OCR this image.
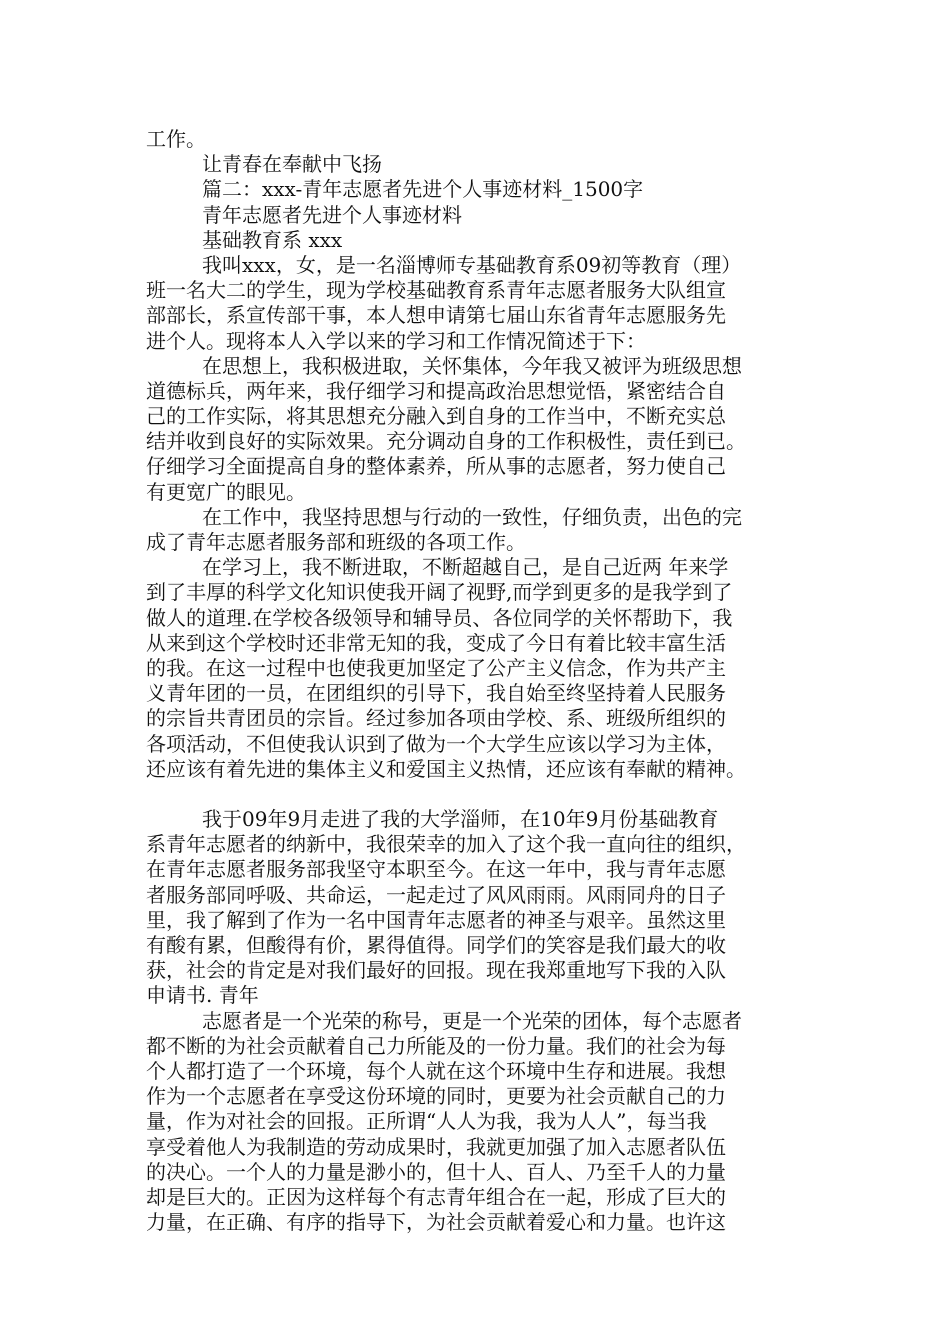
工作。
让青春在奉献中飞扬
篇二：xxx-青年志愿者先进个人事迹材料_1500字
青年志愿者先进个人事迹材料
基础教育系 xxx
我叫xxx，女，是一名淄博师专基础教育系09初等教育（理）
班一名大二的学生，现为学校基础教育系青年志愿者服务大队组宣
部部长，系宣传部干事，本人想申请第七届山东省青年志愿服务先
进个人。现将本人入学以来的学习和工作情况简述于下：
在思想上，我积极进取，关怀集体，今年我又被评为班级思想
道德标兵，两年来，我仔细学习和提高政治思想觉悟，紧密结合自
己的工作实际，将其思想充分融入到自身的工作当中，不断充实总
结并收到良好的实际效果。充分调动自身的工作积极性，责任到已。
仔细学习全面提高自身的整体素养，所从事的志愿者，努力使自己
有更宽广的眼见。
在工作中，我坚持思想与行动的一致性，仔细负责，出色的完
成了青年志愿者服务部和班级的各项工作。
在学习上，我不断进取，不断超越自己，是自己近两 年来学
到了丰厚的科学文化知识使我开阔了视野,而学到更多的是我学到了
做人的道理.在学校各级领导和辅导员、各位同学的关怀帮助下，我
从来到这个学校时还非常无知的我，变成了今日有着比较丰富生活
的我。在这一过程中也使我更加坚定了公产主义信念，作为共产主
义青年团的一员，在团组织的引导下，我自始至终坚持着人民服务
的宗旨共青团员的宗旨。经过参加各项由学校、系、班级所组织的
各项活动，不但使我认识到了做为一个大学生应该以学习为主体，
还应该有着先进的集体主义和爱国主义热情，还应该有奉献的精神。
我于09年9月走进了我的大学淄师，在10年9月份基础教育
系青年志愿者的纳新中，我很荣幸的加入了这个我一直向往的组织，
在青年志愿者服务部我坚守本职至今。在这一年中，我与青年志愿
者服务部同呼吸、共命运，一起走过了风风雨雨。风雨同舟的日子
里，我了解到了作为一名中国青年志愿者的神圣与艰辛。虽然这里
有酸有累，但酸得有价，累得值得。同学们的笑容是我们最大的收
获，社会的肯定是对我们最好的回报。现在我郑重地写下我的入队
申请书. 青年
志愿者是一个光荣的称号，更是一个光荣的团体，每个志愿者
都不断的为社会贡献着自己力所能及的一份力量。我们的社会为每
个人都打造了一个环境，每个人就在这个环境中生存和进展。我想
作为一个志愿者在享受这份环境的同时，更要为社会贡献自己的力
量，作为对社会的回报。正所谓“人人为我，我为人人”，每当我
享受着他人为我制造的劳动成果时，我就更加强了加入志愿者队伍
的决心。一个人的力量是渺小的，但十人、百人、乃至千人的力量
却是巨大的。正因为这样每个有志青年组合在一起，形成了巨大的
力量，在正确、有序的指导下，为社会贡献着爱心和力量。也许这
